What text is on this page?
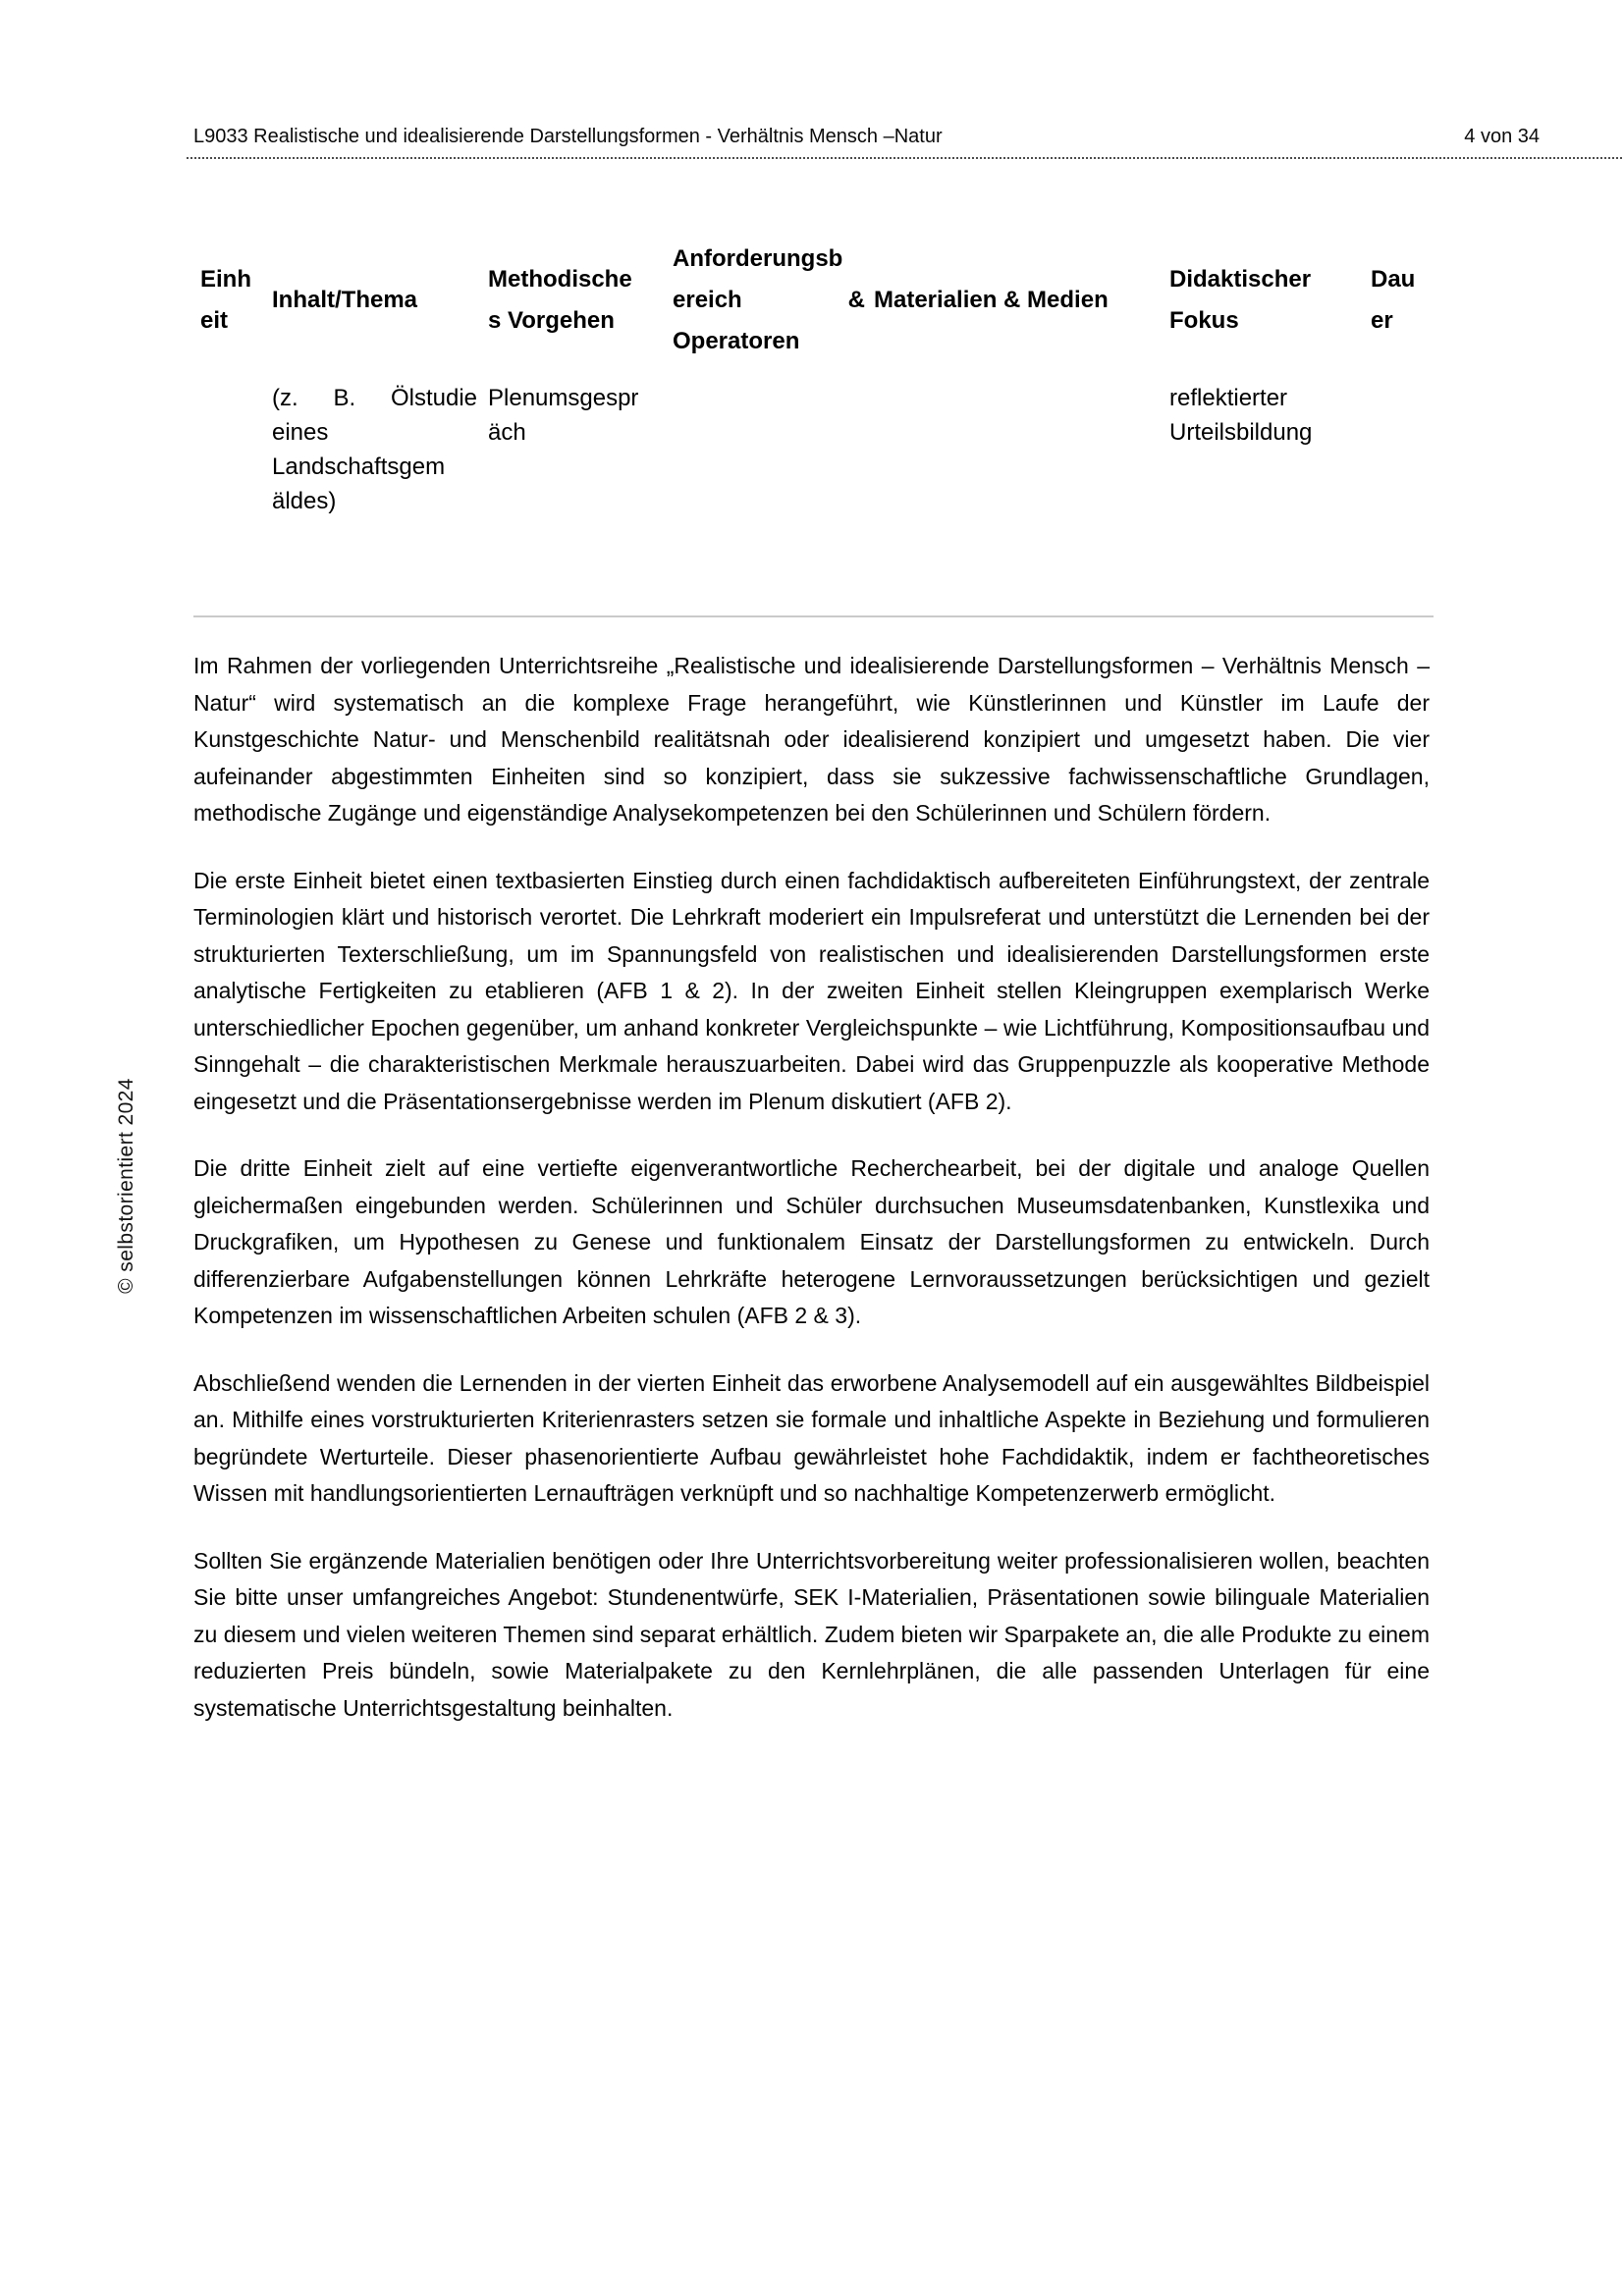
L9033 Realistische und idealisierende Darstellungsformen - Verhältnis Mensch –Natur	4 von 34
Einh
eit
Inhalt/Thema
Methodische
s Vorgehen
Anforderungsb
ereich	&
Operatoren
Materialien & Medien
Didaktischer
Fokus
Dau
er
(z. B. Ölstudie
eines
Landschaftsgem
äldes)
Plenumsgespr
äch
reflektierter
Urteilsbildung

Im Rahmen der vorliegenden Unterrichtsreihe „Realistische und idealisierende Darstellungsformen – Verhältnis Mensch – Natur“ wird systematisch an die komplexe Frage herangeführt, wie Künstlerinnen und Künstler im Laufe der Kunstgeschichte Natur- und Menschenbild realitätsnah oder idealisierend konzipiert und umgesetzt haben. Die vier aufeinander abgestimmten Einheiten sind so konzipiert, dass sie sukzessive fachwissenschaftliche Grundlagen, methodische Zugänge und eigenständige Analysekompetenzen bei den Schülerinnen und Schülern fördern.

Die erste Einheit bietet einen textbasierten Einstieg durch einen fachdidaktisch aufbereiteten Einführungstext, der zentrale Terminologien klärt und historisch verortet. Die Lehrkraft moderiert ein Impulsreferat und unterstützt die Lernenden bei der strukturierten Texterschließung, um im Spannungsfeld von realistischen und idealisierenden Darstellungsformen erste analytische Fertigkeiten zu etablieren (AFB 1 & 2). In der zweiten Einheit stellen Kleingruppen exemplarisch Werke unterschiedlicher Epochen gegenüber, um anhand konkreter Vergleichspunkte – wie Lichtführung, Kompositionsaufbau und Sinngehalt – die charakteristischen Merkmale herauszuarbeiten. Dabei wird das Gruppenpuzzle als kooperative Methode eingesetzt und die Präsentationsergebnisse werden im Plenum diskutiert (AFB 2).

Die dritte Einheit zielt auf eine vertiefte eigenverantwortliche Recherchearbeit, bei der digitale und analoge Quellen gleichermaßen eingebunden werden. Schülerinnen und Schüler durchsuchen Museumsdatenbanken, Kunstlexika und Druckgrafiken, um Hypothesen zu Genese und funktionalem Einsatz der Darstellungsformen zu entwickeln. Durch differenzierbare Aufgabenstellungen können Lehrkräfte heterogene Lernvoraussetzungen berücksichtigen und gezielt Kompetenzen im wissenschaftlichen Arbeiten schulen (AFB 2 & 3).

Abschließend wenden die Lernenden in der vierten Einheit das erworbene Analysemodell auf ein ausgewähltes Bildbeispiel an. Mithilfe eines vorstrukturierten Kriterienrasters setzen sie formale und inhaltliche Aspekte in Beziehung und formulieren begründete Werturteile. Dieser phasenorientierte Aufbau gewährleistet hohe Fachdidaktik, indem er fachtheoretisches Wissen mit handlungsorientierten Lernaufträgen verknüpft und so nachhaltige Kompetenzerwerb ermöglicht.

Sollten Sie ergänzende Materialien benötigen oder Ihre Unterrichtsvorbereitung weiter professionalisieren wollen, beachten Sie bitte unser umfangreiches Angebot: Stundenentwürfe, SEK I-Materialien, Präsentationen sowie bilinguale Materialien zu diesem und vielen weiteren Themen sind separat erhältlich. Zudem bieten wir Sparpakete an, die alle Produkte zu einem reduzierten Preis bündeln, sowie Materialpakete zu den Kernlehrplänen, die alle passenden Unterlagen für eine systematische Unterrichtsgestaltung beinhalten.

© selbstorientiert 2024
